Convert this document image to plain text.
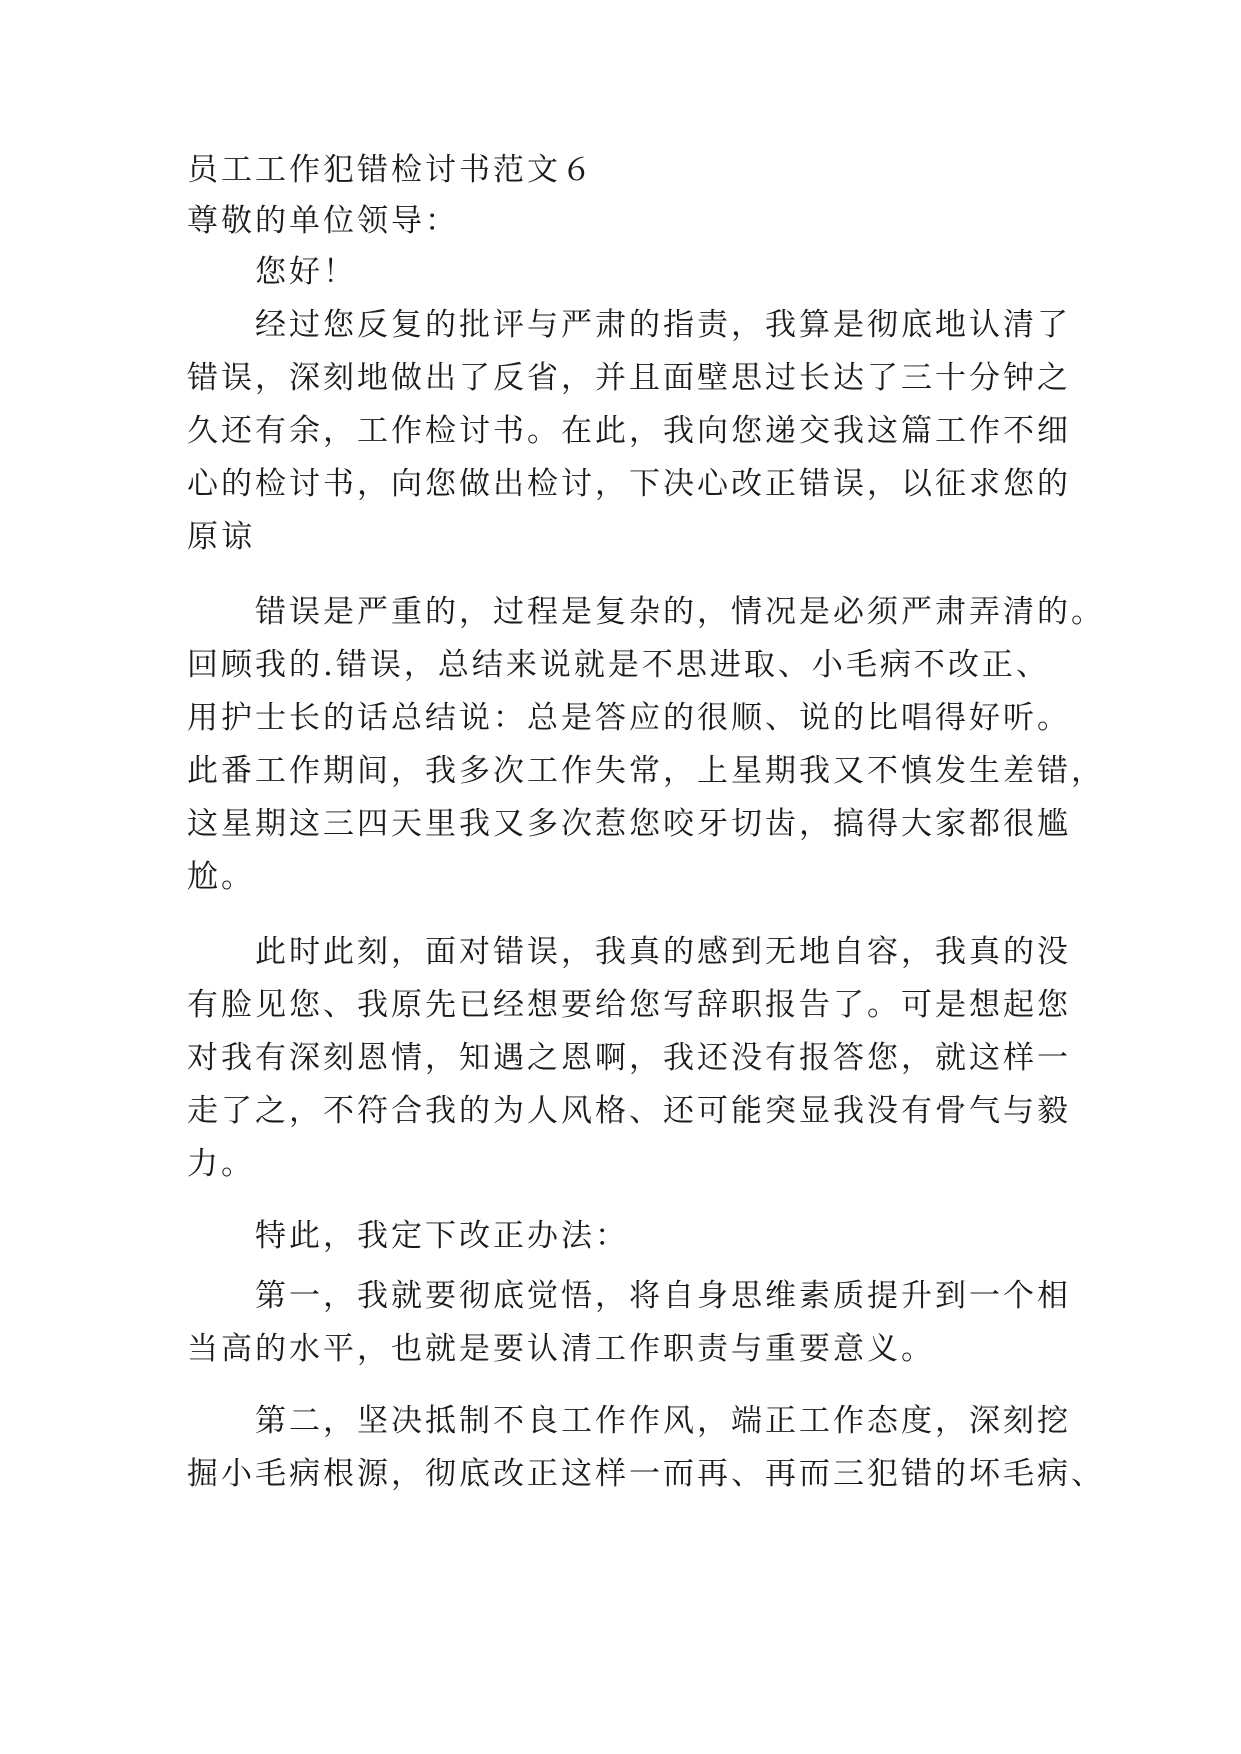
员工工作犯错检讨书范文６

尊敬的单位领导：

您好！

经过您反复的批评与严肃的指责，我算是彻底地认清了

错误，深刻地做出了反省，并且面壁思过长达了三十分钟之

久还有余，工作检讨书。在此，我向您递交我这篇工作不细

心的检讨书，向您做出检讨，下决心改正错误，以征求您的

原谅

错误是严重的，过程是复杂的，情况是必须严肃弄清的。

回顾我的.错误，总结来说就是不思进取、小毛病不改正、

用护士长的话总结说：总是答应的很顺、说的比唱得好听。

此番工作期间，我多次工作失常，上星期我又不慎发生差错，

这星期这三四天里我又多次惹您咬牙切齿，搞得大家都很尴

尬。

此时此刻，面对错误，我真的感到无地自容，我真的没

有脸见您、我原先已经想要给您写辞职报告了。可是想起您

对我有深刻恩情，知遇之恩啊，我还没有报答您，就这样一

走了之，不符合我的为人风格、还可能突显我没有骨气与毅

力。

特此，我定下改正办法：

第一，我就要彻底觉悟，将自身思维素质提升到一个相

当高的水平，也就是要认清工作职责与重要意义。

第二，坚决抵制不良工作作风，端正工作态度，深刻挖

掘小毛病根源，彻底改正这样一而再、再而三犯错的坏毛病、
